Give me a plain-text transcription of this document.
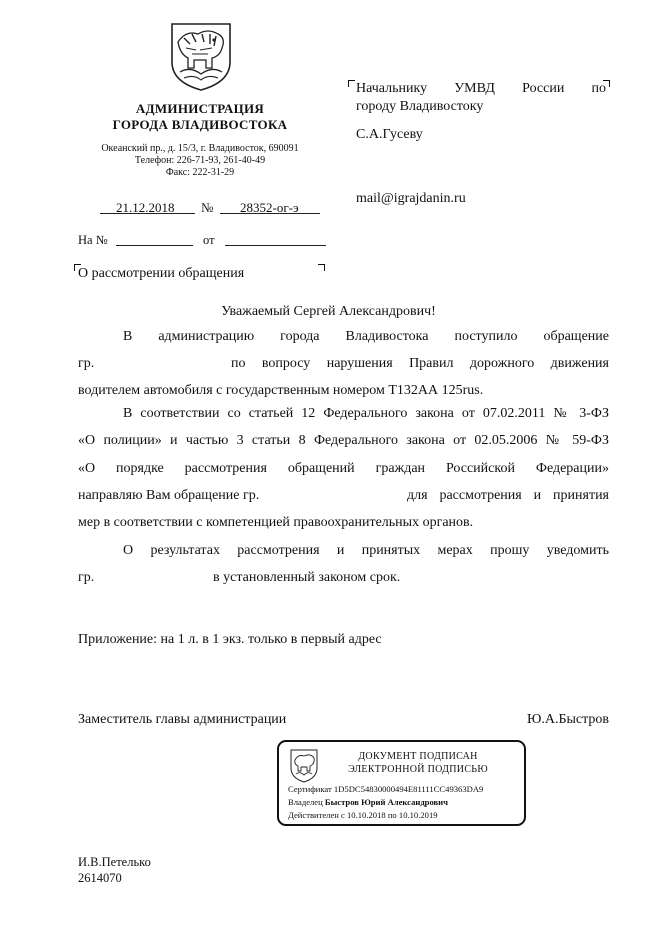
АДМИНИСТРАЦИЯ
ГОРОДА ВЛАДИВОСТОКА
Океанский пр., д. 15/3, г. Владивосток, 690091
Телефон: 226-71-93, 261-40-49
Факс: 222-31-29
21.12.2018 № 28352-ог-э
На №	от
Начальнику УМВД России по
городу Владивостоку
С.А.Гусеву
mail@igrajdanin.ru
О рассмотрении обращения
Уважаемый Сергей Александрович!
В администрацию города Владивостока поступило обращение
гр.	по вопросу нарушения Правил дорожного движения
водителем автомобиля с государственным номером Т132АА 125rus.
В соответствии со статьей 12 Федерального закона от 07.02.2011 № 3-ФЗ
«О полиции» и частью 3 статьи 8 Федерального закона от 02.05.2006 № 59-ФЗ
«О порядке рассмотрения обращений граждан Российской Федерации»
направляю Вам обращение гр.	для рассмотрения и принятия
мер в соответствии с компетенцией правоохранительных органов.
О результатах рассмотрения и принятых мерах прошу уведомить
гр.	в установленный законом срок.
Приложение: на 1 л. в 1 экз. только в первый адрес
Заместитель главы администрации	Ю.А.Быстров
ДОКУМЕНТ ПОДПИСАН
ЭЛЕКТРОННОЙ ПОДПИСЬЮ
Сертификат 1D5DC54830000494E81111CC49363DA9
Владелец Быстров Юрий Александрович
Действителен с 10.10.2018 по 10.10.2019
И.В.Петелько
2614070
